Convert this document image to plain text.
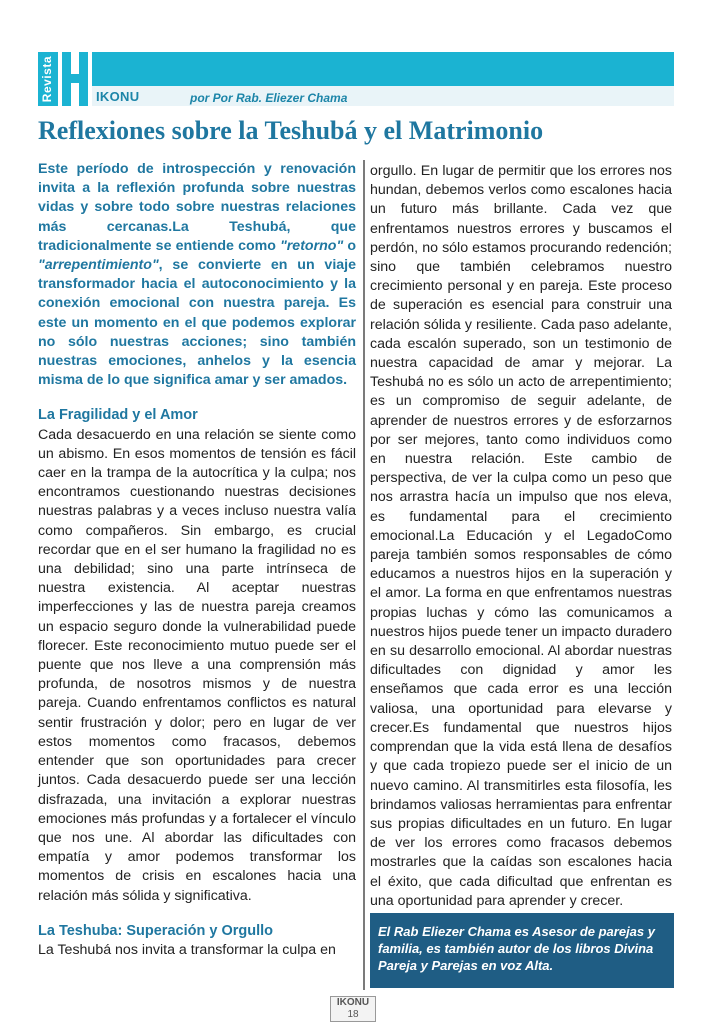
Revista	IKONU	por Por Rab. Eliezer Chama
Reflexiones sobre la Teshubá y el Matrimonio

Este período de introspección y renovación invita a la reflexión profunda sobre nuestras vidas y sobre todo sobre nuestras relaciones más cercanas.La Teshubá, que tradicionalmente se entiende como "retorno" o "arrepentimiento", se convierte en un viaje transformador hacia el autoconocimiento y la conexión emocional con nuestra pareja. Es este un momento en el que podemos explorar no sólo nuestras acciones; sino también nuestras emociones, anhelos y la esencia misma de lo que significa amar y ser amados.

La Fragilidad y el Amor

Cada desacuerdo en una relación se siente como un abismo. En esos momentos de tensión es fácil caer en la trampa de la autocrítica y la culpa; nos encontramos cuestionando nuestras decisiones nuestras palabras y a veces incluso nuestra valía como compañeros. Sin embargo, es crucial recordar que en el ser humano la fragilidad no es una debilidad; sino una parte intrínseca de nuestra existencia. Al aceptar nuestras imperfecciones y las de nuestra pareja creamos un espacio seguro donde la vulnerabilidad puede florecer. Este reconocimiento mutuo puede ser el puente que nos lleve a una comprensión más profunda, de nosotros mismos y de nuestra pareja. Cuando enfrentamos conflictos es natural sentir frustración y dolor; pero en lugar de ver estos momentos como fracasos, debemos entender que son oportunidades para crecer juntos. Cada desacuerdo puede ser una lección disfrazada, una invitación a explorar nuestras emociones más profundas y a fortalecer el vínculo que nos une. Al abordar las dificultades con empatía y amor podemos transformar los momentos de crisis en escalones hacia una relación más sólida y significativa.

La Teshuba: Superación y Orgullo

La Teshubá nos invita a transformar la culpa en

orgullo. En lugar de permitir que los errores nos hundan, debemos verlos como escalones hacia un futuro más brillante. Cada vez que enfrentamos nuestros errores y buscamos el perdón, no sólo estamos procurando redención; sino que también celebramos nuestro crecimiento personal y en pareja. Este proceso de superación es esencial para construir una relación sólida y resiliente. Cada paso adelante, cada escalón superado, son un testimonio de nuestra capacidad de amar y mejorar. La Teshubá no es sólo un acto de arrepentimiento; es un compromiso de seguir adelante, de aprender de nuestros errores y de esforzarnos por ser mejores, tanto como individuos como en nuestra relación. Este cambio de perspectiva, de ver la culpa como un peso que nos arrastra hacía un impulso que nos eleva, es fundamental para el crecimiento emocional.La Educación y el LegadoComo pareja también somos responsables de cómo educamos a nuestros hijos en la superación y el amor. La forma en que enfrentamos nuestras propias luchas y cómo las comunicamos a nuestros hijos puede tener un impacto duradero en su desarrollo emocional. Al abordar nuestras dificultades con dignidad y amor les enseñamos que cada error es una lección valiosa, una oportunidad para elevarse y crecer.Es fundamental que nuestros hijos comprendan que la vida está llena de desafíos y que cada tropiezo puede ser el inicio de un nuevo camino. Al transmitirles esta filosofía, les brindamos valiosas herramientas para enfrentar sus propias dificultades en un futuro. En lugar de ver los errores como fracasos debemos mostrarles que la caídas son escalones hacia el éxito, que cada dificultad que enfrentan es una oportunidad para aprender y crecer.

El Rab Eliezer Chama es Asesor de parejas y familia, es también autor de los libros Divina Pareja y Parejas en voz Alta.
IKONU
18
